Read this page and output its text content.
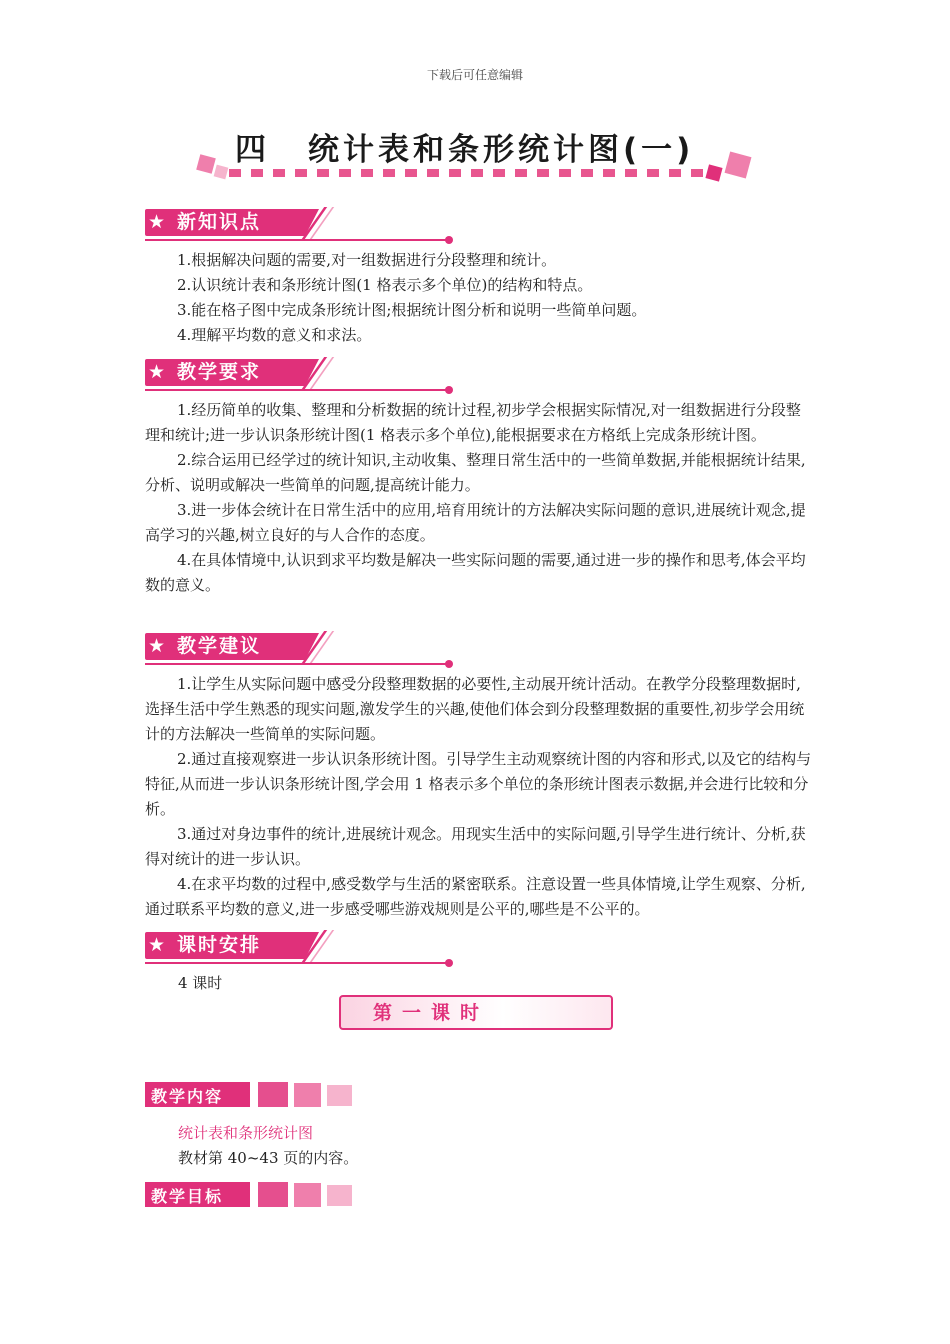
下载后可任意编辑
四 统计表和条形统计图(一)
★ 新知识点

1.根据解决问题的需要,对一组数据进行分段整理和统计。

2.认识统计表和条形统计图(1 格表示多个单位)的结构和特点。

3.能在格子图中完成条形统计图;根据统计图分析和说明一些简单问题。

4.理解平均数的意义和求法。

★ 教学要求

1.经历简单的收集、整理和分析数据的统计过程,初步学会根据实际情况,对一组数据进行分段整理和统计;进一步认识条形统计图(1 格表示多个单位),能根据要求在方格纸上完成条形统计图。

2.综合运用已经学过的统计知识,主动收集、整理日常生活中的一些简单数据,并能根据统计结果,分析、说明或解决一些简单的问题,提高统计能力。

3.进一步体会统计在日常生活中的应用,培育用统计的方法解决实际问题的意识,进展统计观念,提高学习的兴趣,树立良好的与人合作的态度。

4.在具体情境中,认识到求平均数是解决一些实际问题的需要,通过进一步的操作和思考,体会平均数的意义。

★ 教学建议

1.让学生从实际问题中感受分段整理数据的必要性,主动展开统计活动。在教学分段整理数据时,选择生活中学生熟悉的现实问题,激发学生的兴趣,使他们体会到分段整理数据的重要性,初步学会用统计的方法解决一些简单的实际问题。

2.通过直接观察进一步认识条形统计图。引导学生主动观察统计图的内容和形式,以及它的结构与特征,从而进一步认识条形统计图,学会用 1 格表示多个单位的条形统计图表示数据,并会进行比较和分析。

3.通过对身边事件的统计,进展统计观念。用现实生活中的实际问题,引导学生进行统计、分析,获得对统计的进一步认识。

4.在求平均数的过程中,感受数学与生活的紧密联系。注意设置一些具体情境,让学生观察、分析,通过联系平均数的意义,进一步感受哪些游戏规则是公平的,哪些是不公平的。

★ 课时安排
4 课时
第一课时
教学内容
统计表和条形统计图
教材第 40~43 页的内容。
教学目标
